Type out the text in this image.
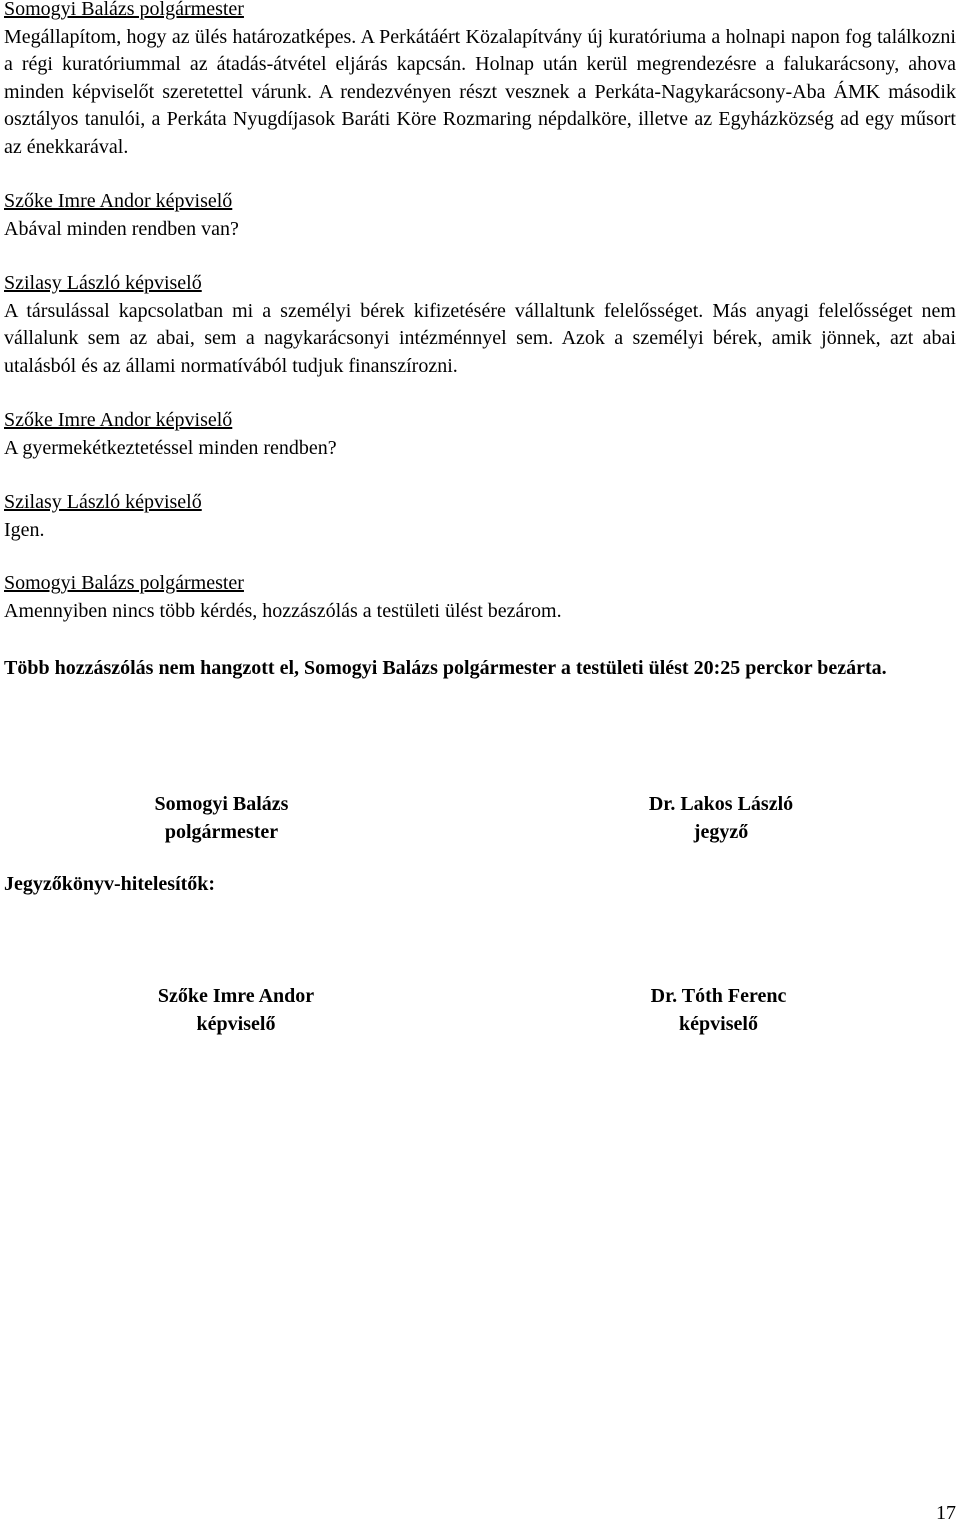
Somogyi Balázs polgármester
Megállapítom, hogy az ülés határozatképes. A Perkátáért Közalapítvány új kuratóriuma a holnapi napon fog találkozni a régi kuratóriummal az átadás-átvétel eljárás kapcsán. Holnap után kerül megrendezésre a falukarácsony, ahova minden képviselőt szeretettel várunk. A rendezvényen részt vesznek a Perkáta-Nagykarácsony-Aba ÁMK második osztályos tanulói, a Perkáta Nyugdíjasok Baráti Köre Rozmaring népdalköre, illetve az Egyházközség ad egy műsort az énekkarával.
Szőke Imre Andor képviselő
Abával minden rendben van?
Szilasy László képviselő
A társulással kapcsolatban mi a személyi bérek kifizetésére vállaltunk felelősséget. Más anyagi felelősséget nem vállalunk sem az abai, sem a nagykarácsonyi intézménnyel sem. Azok a személyi bérek, amik jönnek, azt abai utalásból és az állami normatívából tudjuk finanszírozni.
Szőke Imre Andor képviselő
A gyermekétkeztetéssel minden rendben?
Szilasy László képviselő
Igen.
Somogyi Balázs polgármester
Amennyiben nincs több kérdés, hozzászólás a testületi ülést bezárom.
Több hozzászólás nem hangzott el, Somogyi Balázs polgármester a testületi ülést 20:25 perckor bezárta.
Somogyi Balázs
polgármester
Dr. Lakos László
jegyző
Jegyzőkönyv-hitelesítők:
Szőke Imre Andor
képviselő
Dr. Tóth Ferenc
képviselő
17
